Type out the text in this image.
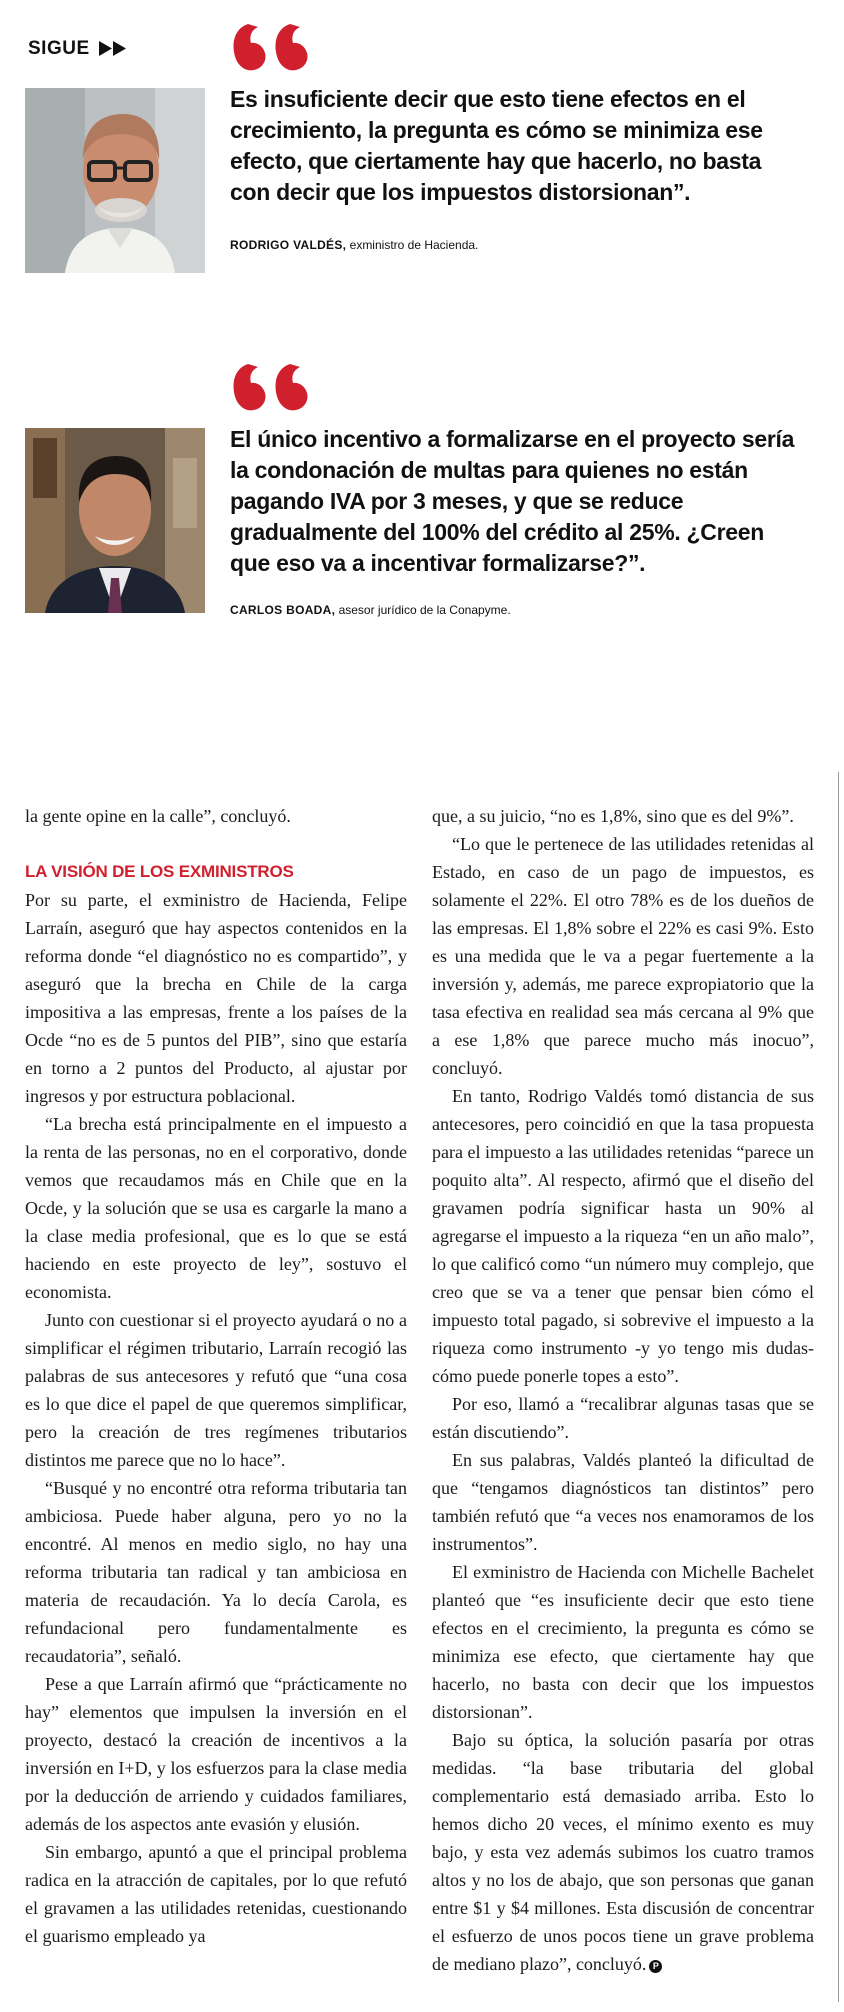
SIGUE

Es insuficiente decir que esto tiene efectos en el crecimiento, la pregunta es cómo se minimiza ese efecto, que ciertamente hay que hacerlo, no basta con decir que los impuestos distorsionan”.

RODRIGO VALDÉS, exministro de Hacienda.

El único incentivo a formalizarse en el proyecto sería la condonación de multas para quienes no están pagando IVA por 3 meses, y que se reduce gradualmente del 100% del crédito al 25%. ¿Creen que eso va a incentivar formalizarse?”.

CARLOS BOADA, asesor jurídico de la Conapyme.

la gente opine en la calle”, concluyó.

LA VISIÓN DE LOS EXMINISTROS

Por su parte, el exministro de Hacienda, Felipe Larraín, aseguró que hay aspectos contenidos en la reforma donde “el diagnóstico no es compartido”, y aseguró que la brecha en Chile de la carga impositiva a las empresas, frente a los países de la Ocde “no es de 5 puntos del PIB”, sino que estaría en torno a 2 puntos del Producto, al ajustar por ingresos y por estructura poblacional.

“La brecha está principalmente en el impuesto a la renta de las personas, no en el corporativo, donde vemos que recaudamos más en Chile que en la Ocde, y la solución que se usa es cargarle la mano a la clase media profesional, que es lo que se está haciendo en este proyecto de ley”, sostuvo el economista.

Junto con cuestionar si el proyecto ayudará o no a simplificar el régimen tributario, Larraín recogió las palabras de sus antecesores y refutó que “una cosa es lo que dice el papel de que queremos simplificar, pero la creación de tres regímenes tributarios distintos me parece que no lo hace”.

“Busqué y no encontré otra reforma tributaria tan ambiciosa. Puede haber alguna, pero yo no la encontré. Al menos en medio siglo, no hay una reforma tributaria tan radical y tan ambiciosa en materia de recaudación. Ya lo decía Carola, es refundacional pero fundamentalmente es recaudatoria”, señaló.

Pese a que Larraín afirmó que “prácticamente no hay” elementos que impulsen la inversión en el proyecto, destacó la creación de incentivos a la inversión en I+D, y los esfuerzos para la clase media por la deducción de arriendo y cuidados familiares, además de los aspectos ante evasión y elusión.

Sin embargo, apuntó a que el principal problema radica en la atracción de capitales, por lo que refutó el gravamen a las utilidades retenidas, cuestionando el guarismo empleado ya

que, a su juicio, “no es 1,8%, sino que es del 9%”.

“Lo que le pertenece de las utilidades retenidas al Estado, en caso de un pago de impuestos, es solamente el 22%. El otro 78% es de los dueños de las empresas. El 1,8% sobre el 22% es casi 9%. Esto es una medida que le va a pegar fuertemente a la inversión y, además, me parece expropiatorio que la tasa efectiva en realidad sea más cercana al 9% que a ese 1,8% que parece mucho más inocuo”, concluyó.

En tanto, Rodrigo Valdés tomó distancia de sus antecesores, pero coincidió en que la tasa propuesta para el impuesto a las utilidades retenidas “parece un poquito alta”. Al respecto, afirmó que el diseño del gravamen podría significar hasta un 90% al agregarse el impuesto a la riqueza “en un año malo”, lo que calificó como “un número muy complejo, que creo que se va a tener que pensar bien cómo el impuesto total pagado, si sobrevive el impuesto a la riqueza como instrumento -y yo tengo mis dudas- cómo puede ponerle topes a esto”.

Por eso, llamó a “recalibrar algunas tasas que se están discutiendo”.

En sus palabras, Valdés planteó la dificultad de que “tengamos diagnósticos tan distintos” pero también refutó que “a veces nos enamoramos de los instrumentos”.

El exministro de Hacienda con Michelle Bachelet planteó que “es insuficiente decir que esto tiene efectos en el crecimiento, la pregunta es cómo se minimiza ese efecto, que ciertamente hay que hacerlo, no basta con decir que los impuestos distorsionan”.

Bajo su óptica, la solución pasaría por otras medidas. “la base tributaria del global complementario está demasiado arriba. Esto lo hemos dicho 20 veces, el mínimo exento es muy bajo, y esta vez además subimos los cuatro tramos altos y no los de abajo, que son personas que ganan entre $1 y $4 millones. Esta discusión de concentrar el esfuerzo de unos pocos tiene un grave problema de mediano plazo”, concluyó. P
